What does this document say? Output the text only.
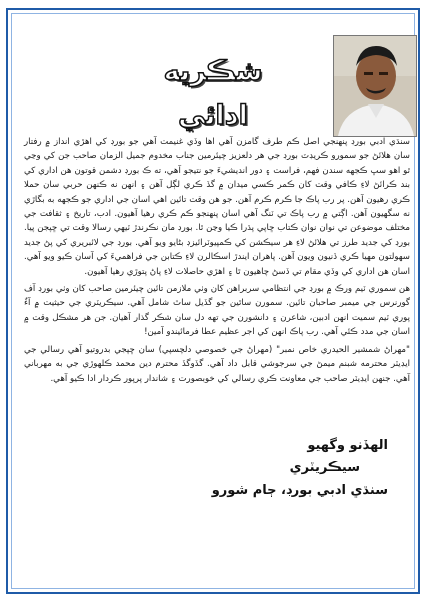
شڪريه ادائي

سنڌي ادبي بورڊ پنهنجي اصل ڪم طرف گامزن آهي اها وڏي غنيمت آهي جو بورڊ کي اهڙي انداز ۾ رفتار سان هلائڻ جو سمورو ڪريڊٽ بورڊ جي هر دلعزيز چيئرمين جناب مخدوم جميل الزمان صاحب جن کي وڃي ٿو اهو سڀ ڪجهه سندن فهم، فراست ۽ دور انديشيءَ جو نتيجو آهي، ته ڪ بورڊ دشمن قوتون هن اداري کي بند ڪرائڻ لاءِ ڪافي وقت کان ڪمر ڪسي ميدان ۾ گڏ ڪري لڳل آهن ۽ انهن نه ڪنهن حربي سان حملا ڪري رهيون آهن. پر رب پاڪ جا ڪرم ڪرم آهن. جو هن وقت تائين اهي اسان جي اداري جو ڪجهه به بگاڙي نه سگهيون آهن. اڳتي ۾ رب پاڪ تي ٽنگ آهي اسان پنهنجو ڪم ڪري رهيا آهيون. ادب، تاريخ ۽ ثقافت جي مختلف موضوعن تي نوان نوان ڪتاب ڇاپي پڌرا ڪيا وڃن ٿا. بورڊ مان نڪرندڙ ٽيهي رسالا وقت تي ڇپجن پيا. بورڊ کي جديد طرز تي هلائڻ لاءِ هر سيڪشن کي ڪمپيوٽرائيزڊ بڻايو ويو آهي. بورڊ جي لائبريري کي پڻ جديد سهولتون مهيا ڪري ڏنيون ويون آهن. پاهران ايندڙ اسڪالرن لاءِ ڪتابن جي فراهميءَ کي آسان ڪيو ويو آهي. اسان هن اداري کي وڏي مقام تي ڏسڻ چاهيون ٿا ۽ اهڙي حاصلات لاءِ پاڻ پتوڙي رهيا آهيون.

هن سموري ٽيم ورڪ ۾ بورڊ جي انتظامي سربراهن کان وٺي ملازمن تائين چيئرمين صاحب کان وٺي بورڊ آف گورنرس جي ميمبر صاحبان تائين. سمورن ساٿين جو گڏيل ساٿ شامل آهي. سيڪريٽري جي حيثيت ۾ آءٌ پوري ٽيم سميت انهن ادبين، شاعرن ۽ دانشورن جي تهه دل سان شڪر گذار آهيان. جن هر مشڪل وقت ۾ اسان جي مدد ڪئي آهي. رب پاڪ انهن کي اجر عظيم عطا فرمائيندو آمين!

"مهراڻ شمشير الحيدري خاص نمبر" (مهراڻ جي خصوصي دلچسپي) سان ڇپجي بدروتيو آهي رسالي جي ايڊيٽر محترمه شبنم ميمڻ جي سرجوشي قابل داد آهي. گڏوگڏ محترم دين محمد ڪلهوڙي جي به مهرباني آهي. جنهن ايڊيٽر صاحب جي معاونت ڪري رسالي کي خوبصورت ۽ شاندار پرپور ڪردار ادا ڪيو آهي.

الهڏنو وگهيو
سيڪريٽري
سنڌي ادبي بورڊ، ڄام شورو
